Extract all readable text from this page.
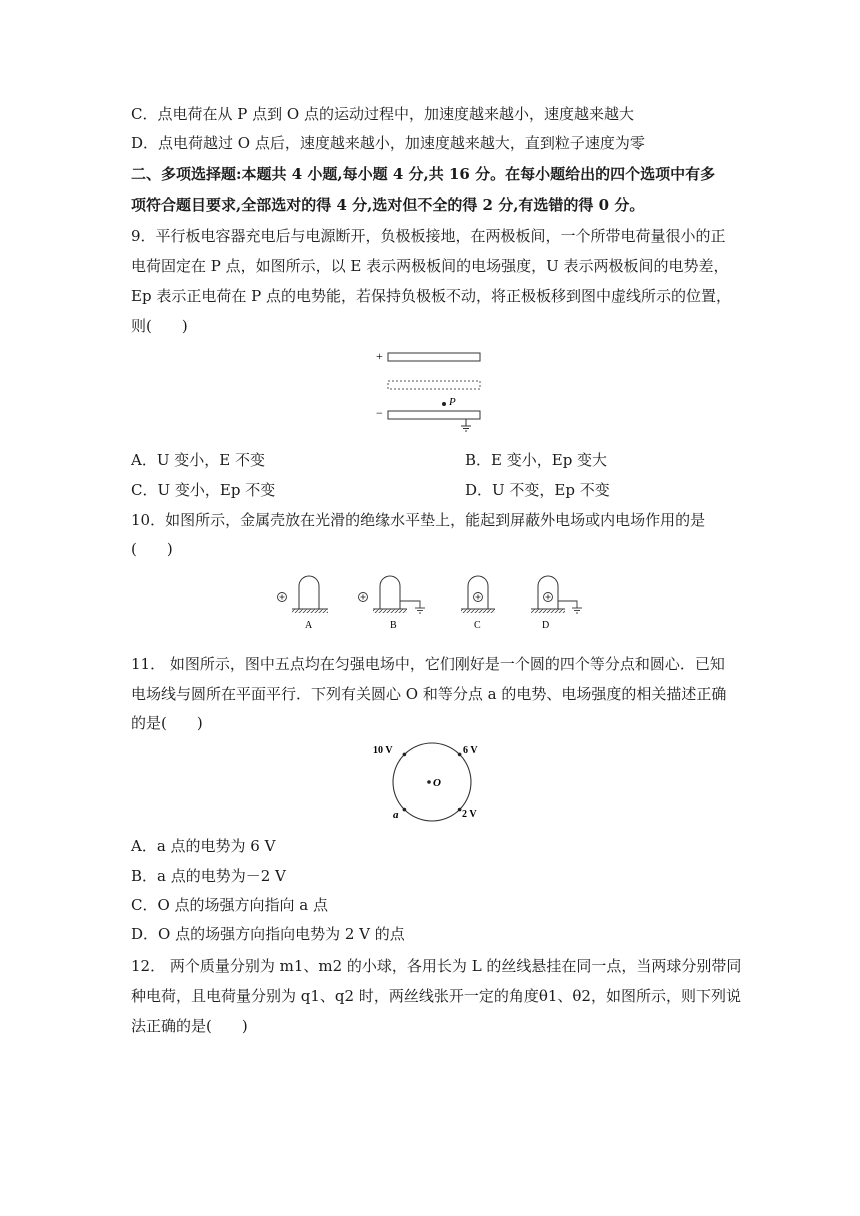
C．点电荷在从 P 点到 O 点的运动过程中，加速度越来越小，速度越来越大
D．点电荷越过 O 点后，速度越来越小，加速度越来越大，直到粒子速度为零
二、多项选择题:本题共 4 小题,每小题 4 分,共 16 分。在每小题给出的四个选项中有多
项符合题目要求,全部选对的得 4 分,选对但不全的得 2 分,有选错的得 0 分。
9．平行板电容器充电后与电源断开，负极板接地，在两极板间，一个所带电荷量很小的正
电荷固定在 P 点，如图所示，以 E 表示两极板间的电场强度，U 表示两极板间的电势差，
Ep 表示正电荷在 P 点的电势能，若保持负极板不动，将正极板移到图中虚线所示的位置，
则(　　)
+
P
−
A．U 变小，E 不变	B．E 变小，Ep 变大
C．U 变小，Ep 不变	D．U 不变，Ep 不变
10．如图所示，金属壳放在光滑的绝缘水平垫上，能起到屏蔽外电场或内电场作用的是
(　　)
A	B	C	D
11． 如图所示，图中五点均在匀强电场中，它们刚好是一个圆的四个等分点和圆心．已知
电场线与圆所在平面平行．下列有关圆心 O 和等分点 a 的电势、电场强度的相关描述正确
的是(　　)
10 V	6 V
2 V
a
O
A．a 点的电势为 6 V
B．a 点的电势为－2 V
C．O 点的场强方向指向 a 点
D．O 点的场强方向指向电势为 2 V 的点
12． 两个质量分别为 m1、m2 的小球，各用长为 L 的丝线悬挂在同一点，当两球分别带同
种电荷，且电荷量分别为 q1、q2 时，两丝线张开一定的角度θ1、θ2，如图所示，则下列说
法正确的是(　　)
